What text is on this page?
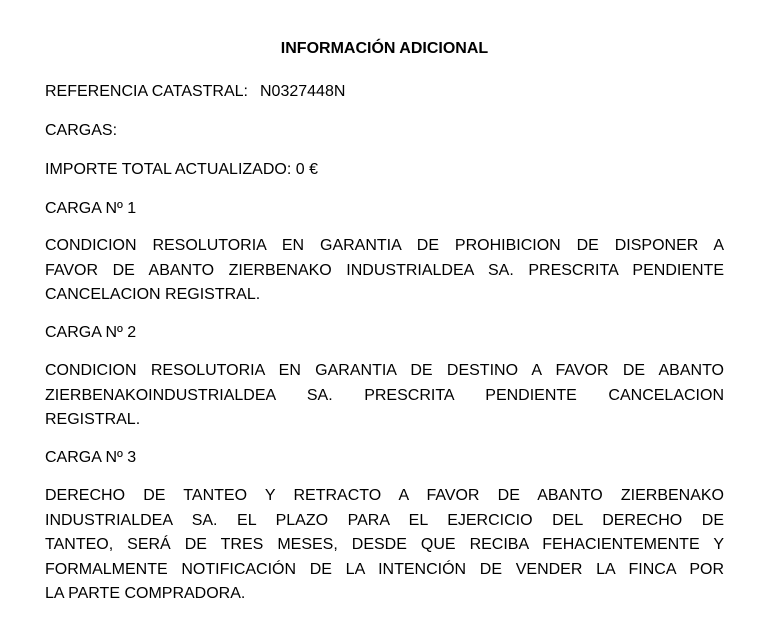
INFORMACIÓN ADICIONAL
REFERENCIA CATASTRAL: N0327448N
CARGAS:
IMPORTE TOTAL ACTUALIZADO: 0 €
CARGA Nº 1
CONDICION RESOLUTORIA EN GARANTIA DE PROHIBICION DE DISPONER A
FAVOR DE ABANTO ZIERBENAKO INDUSTRIALDEA SA. PRESCRITA PENDIENTE
CANCELACION REGISTRAL.
CARGA Nº 2
CONDICION RESOLUTORIA EN GARANTIA DE DESTINO A FAVOR DE ABANTO
ZIERBENAKOINDUSTRIALDEA SA. PRESCRITA PENDIENTE CANCELACION
REGISTRAL.
CARGA Nº 3
DERECHO DE TANTEO Y RETRACTO A FAVOR DE ABANTO ZIERBENAKO
INDUSTRIALDEA SA. EL PLAZO PARA EL EJERCICIO DEL DERECHO DE
TANTEO, SERÁ DE TRES MESES, DESDE QUE RECIBA FEHACIENTEMENTE Y
FORMALMENTE NOTIFICACIÓN DE LA INTENCIÓN DE VENDER LA FINCA POR
LA PARTE COMPRADORA.
